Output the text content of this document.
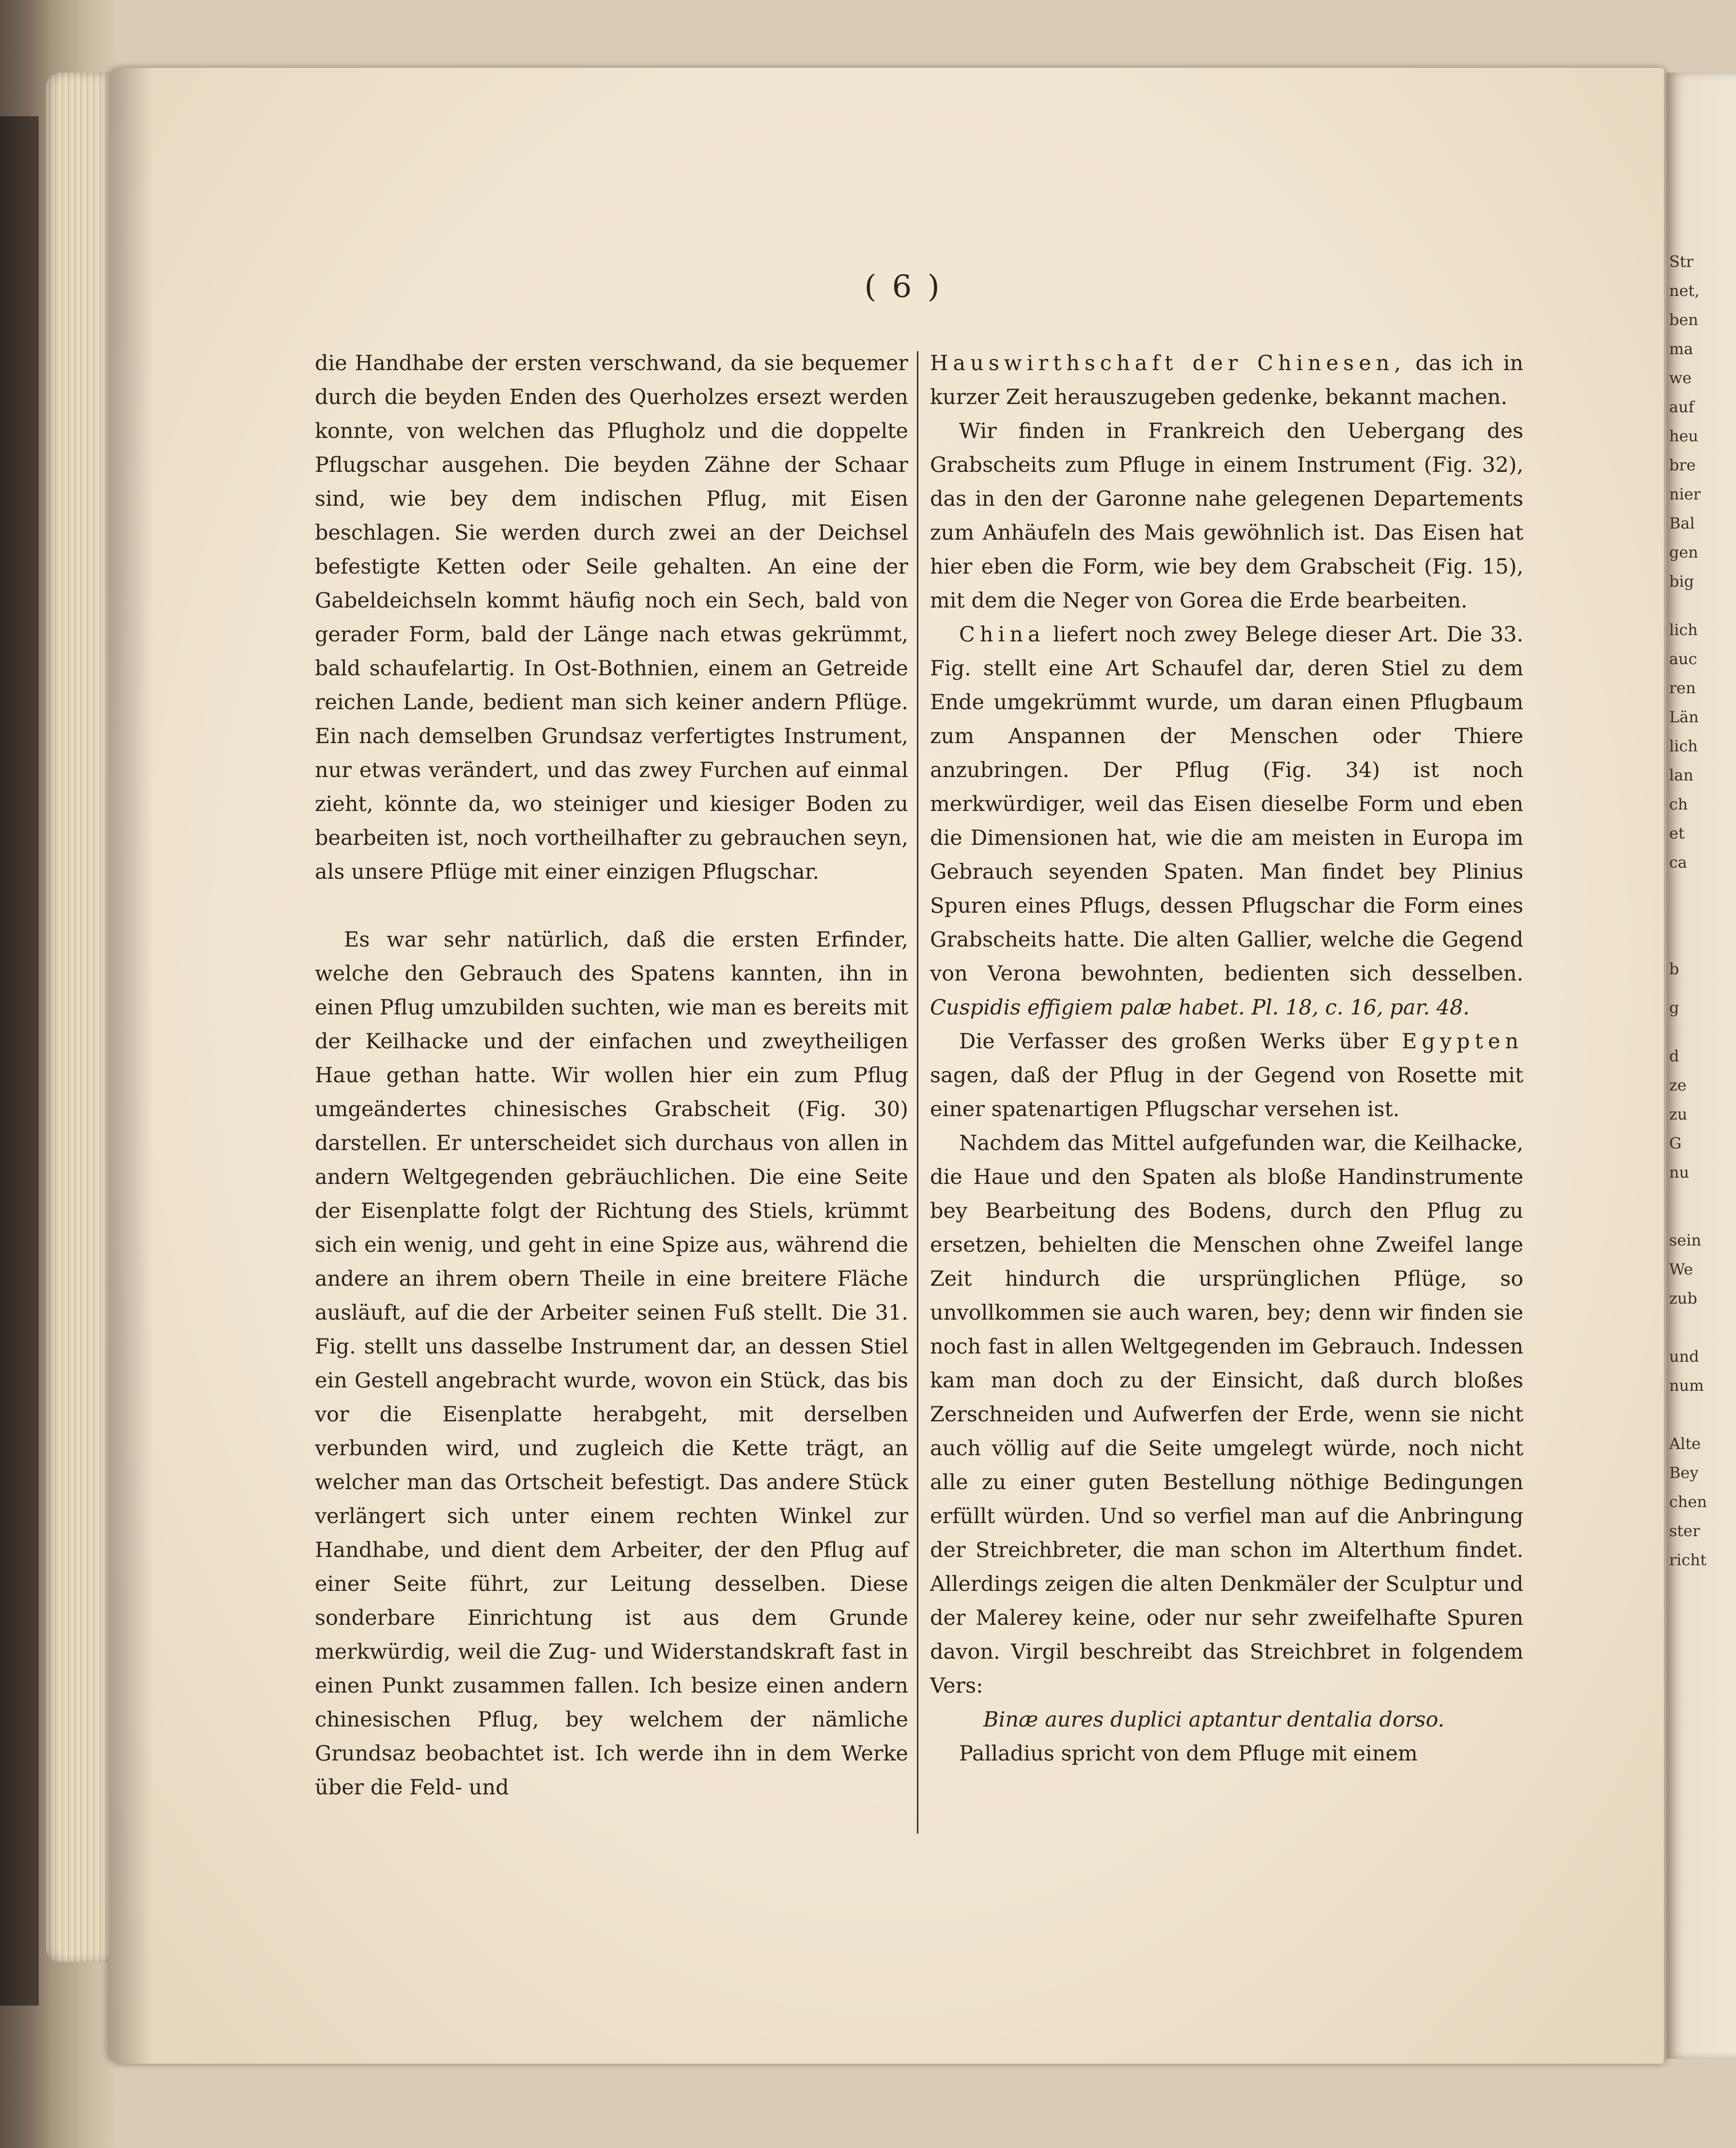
( 6 )

die Handhabe der ersten verschwand, da sie bequemer durch die beyden Enden des Querholzes ersezt werden konnte, von welchen das Pflugholz und die doppelte Pflugschar ausgehen. Die beyden Zähne der Schaar sind, wie bey dem indischen Pflug, mit Eisen beschlagen. Sie werden durch zwei an der Deichsel befestigte Ketten oder Seile gehalten. An eine der Gabeldeichseln kommt häufig noch ein Sech, bald von gerader Form, bald der Länge nach etwas gekrümmt, bald schaufelartig. In Ost-Bothnien, einem an Getreide reichen Lande, bedient man sich keiner andern Pflüge. Ein nach demselben Grundsaz verfertigtes Instrument, nur etwas verändert, und das zwey Furchen auf einmal zieht, könnte da, wo steiniger und kiesiger Boden zu bearbeiten ist, noch vortheilhafter zu gebrauchen seyn, als unsere Pflüge mit einer einzigen Pflugschar.

Es war sehr natürlich, daß die ersten Erfinder, welche den Gebrauch des Spatens kannten, ihn in einen Pflug umzubilden suchten, wie man es bereits mit der Keilhacke und der einfachen und zweytheiligen Haue gethan hatte. Wir wollen hier ein zum Pflug umgeändertes chinesisches Grabscheit (Fig. 30) darstellen. Er unterscheidet sich durchaus von allen in andern Weltgegenden gebräuchlichen. Die eine Seite der Eisenplatte folgt der Richtung des Stiels, krümmt sich ein wenig, und geht in eine Spize aus, während die andere an ihrem obern Theile in eine breitere Fläche ausläuft, auf die der Arbeiter seinen Fuß stellt. Die 31. Fig. stellt uns dasselbe Instrument dar, an dessen Stiel ein Gestell angebracht wurde, wovon ein Stück, das bis vor die Eisenplatte herabgeht, mit derselben verbunden wird, und zugleich die Kette trägt, an welcher man das Ortscheit befestigt. Das andere Stück verlängert sich unter einem rechten Winkel zur Handhabe, und dient dem Arbeiter, der den Pflug auf einer Seite führt, zur Leitung desselben. Diese sonderbare Einrichtung ist aus dem Grunde merkwürdig, weil die Zug- und Widerstandskraft fast in einen Punkt zusammen fallen. Ich besize einen andern chinesischen Pflug, bey welchem der nämliche Grundsaz beobachtet ist. Ich werde ihn in dem Werke über die Feld- und

Hauswirthschaft der Chinesen, das ich in kurzer Zeit herauszugeben gedenke, bekannt machen.

Wir finden in Frankreich den Uebergang des Grabscheits zum Pfluge in einem Instrument (Fig. 32), das in den der Garonne nahe gelegenen Departements zum Anhäufeln des Mais gewöhnlich ist. Das Eisen hat hier eben die Form, wie bey dem Grabscheit (Fig. 15), mit dem die Neger von Gorea die Erde bearbeiten.

China liefert noch zwey Belege dieser Art. Die 33. Fig. stellt eine Art Schaufel dar, deren Stiel zu dem Ende umgekrümmt wurde, um daran einen Pflugbaum zum Anspannen der Menschen oder Thiere anzubringen. Der Pflug (Fig. 34) ist noch merkwürdiger, weil das Eisen dieselbe Form und eben die Dimensionen hat, wie die am meisten in Europa im Gebrauch seyenden Spaten. Man findet bey Plinius Spuren eines Pflugs, dessen Pflugschar die Form eines Grabscheits hatte. Die alten Gallier, welche die Gegend von Verona bewohnten, bedienten sich desselben. Cuspidis effigiem palæ habet. Pl. 18, c. 16, par. 48.

Die Verfasser des großen Werks über Egypten sagen, daß der Pflug in der Gegend von Rosette mit einer spatenartigen Pflugschar versehen ist.

Nachdem das Mittel aufgefunden war, die Keilhacke, die Haue und den Spaten als bloße Handinstrumente bey Bearbeitung des Bodens, durch den Pflug zu ersetzen, behielten die Menschen ohne Zweifel lange Zeit hindurch die ursprünglichen Pflüge, so unvollkommen sie auch waren, bey; denn wir finden sie noch fast in allen Weltgegenden im Gebrauch. Indessen kam man doch zu der Einsicht, daß durch bloßes Zerschneiden und Aufwerfen der Erde, wenn sie nicht auch völlig auf die Seite umgelegt würde, noch nicht alle zu einer guten Bestellung nöthige Bedingungen erfüllt würden. Und so verfiel man auf die Anbringung der Streichbreter, die man schon im Alterthum findet. Allerdings zeigen die alten Denkmäler der Sculptur und der Malerey keine, oder nur sehr zweifelhafte Spuren davon. Virgil beschreibt das Streichbret in folgendem Vers:

Binæ aures duplici aptantur dentalia dorso.

Palladius spricht von dem Pfluge mit einem

Str
net,
ben
ma
we
auf
heu
bre
nier
Bal
gen
big
lich
auc
ren
Län
lich
lan
ch
et
ca
b
g
d
ze
zu
G
nu
sein
We
zub
und
num
Alte
Bey
chen
ster
richt
